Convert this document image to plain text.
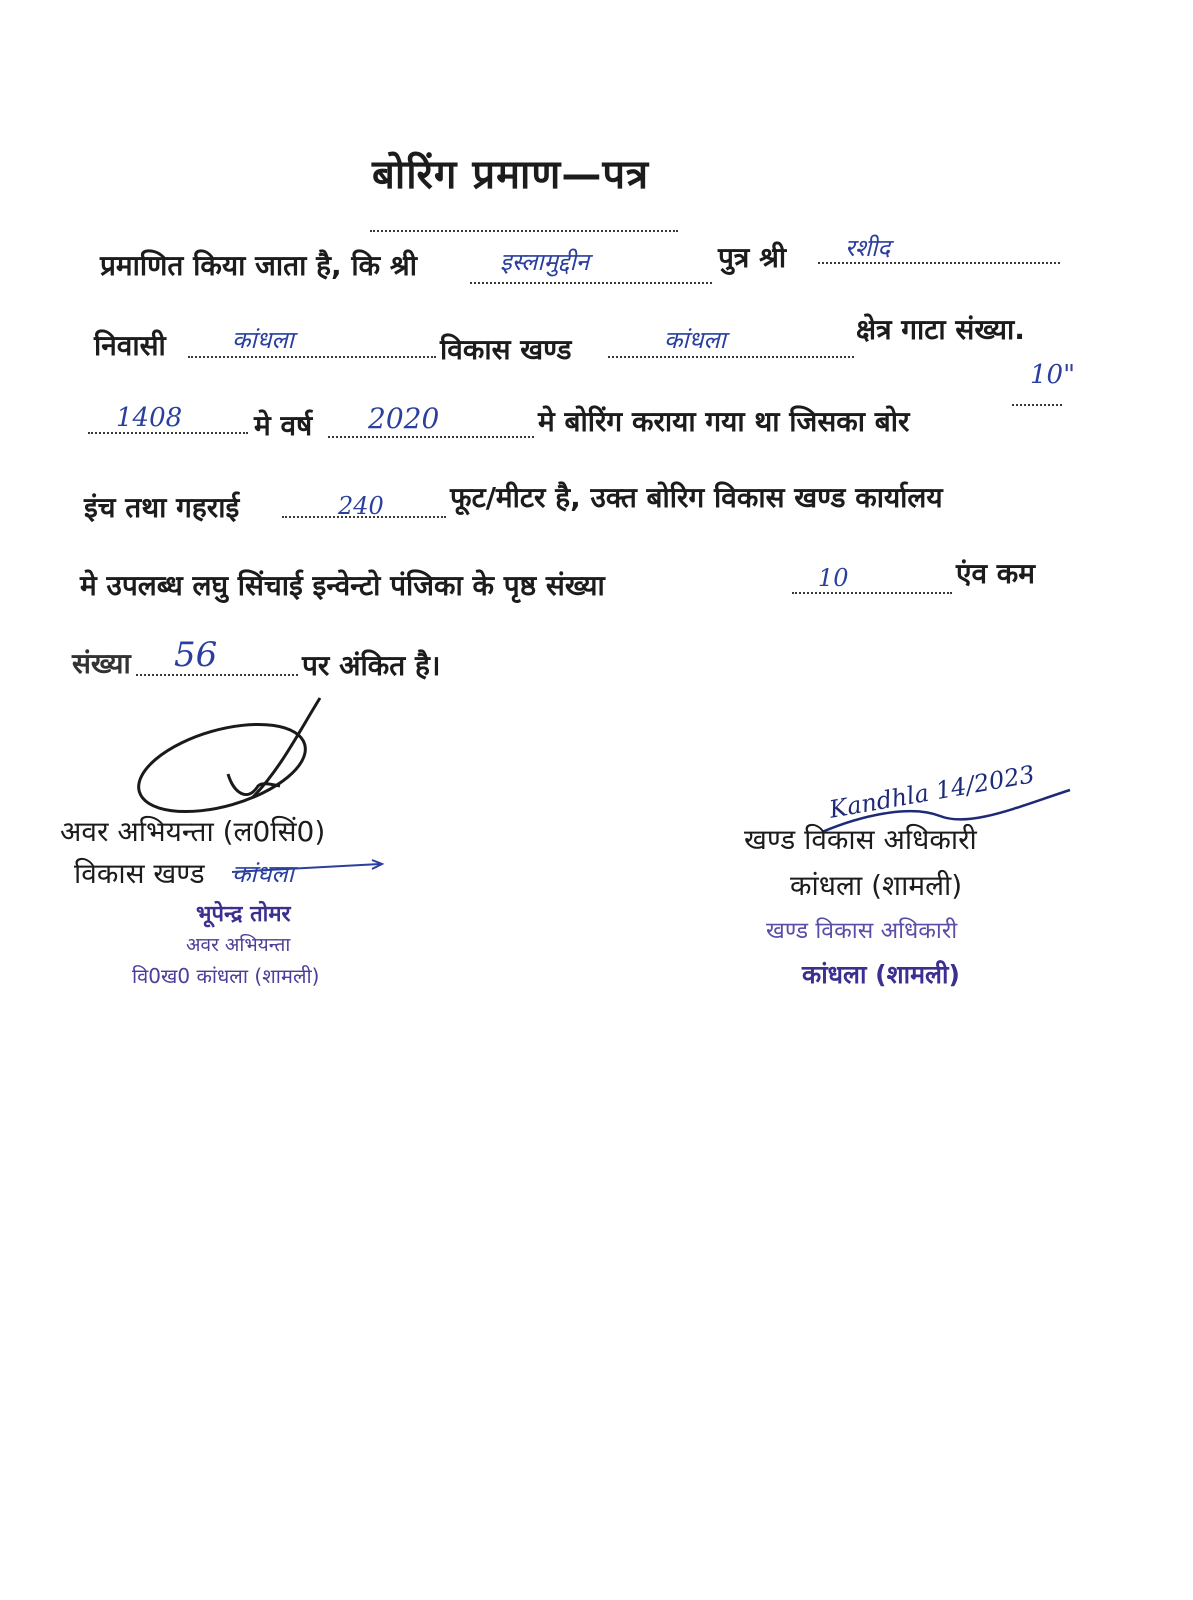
बोरिंग प्रमाण—पत्र
प्रमाणित किया जाता है, कि श्री	इस्लामुद्दीन	पुत्र श्री रशीद
निवासी	कांधला	विकास खण्ड	कांधला	क्षेत्र गाटा संख्या.
1408	मे वर्ष 2020	मे बोरिंग कराया गया था जिसका बोर
10"
इंच तथा गहराई	240 फूट/मीटर है, उक्त बोरिग विकास खण्ड कार्यालय
मे उपलब्ध लघु सिंचाई इन्वेन्टो पंजिका के पृष्ठ संख्या	10	एंव कम
संख्या 56	पर अंकित है।
अवर अभियन्ता (ल0सिं0)
विकास खण्ड कांधला
भूपेन्द्र तोमर
अवर अभियन्ता
वि0ख0 कांधला (शामली)
Kandhla 14/2023
खण्ड विकास अधिकारी
कांधला (शामली)
खण्ड विकास अधिकारी
कांधला (शामली)
